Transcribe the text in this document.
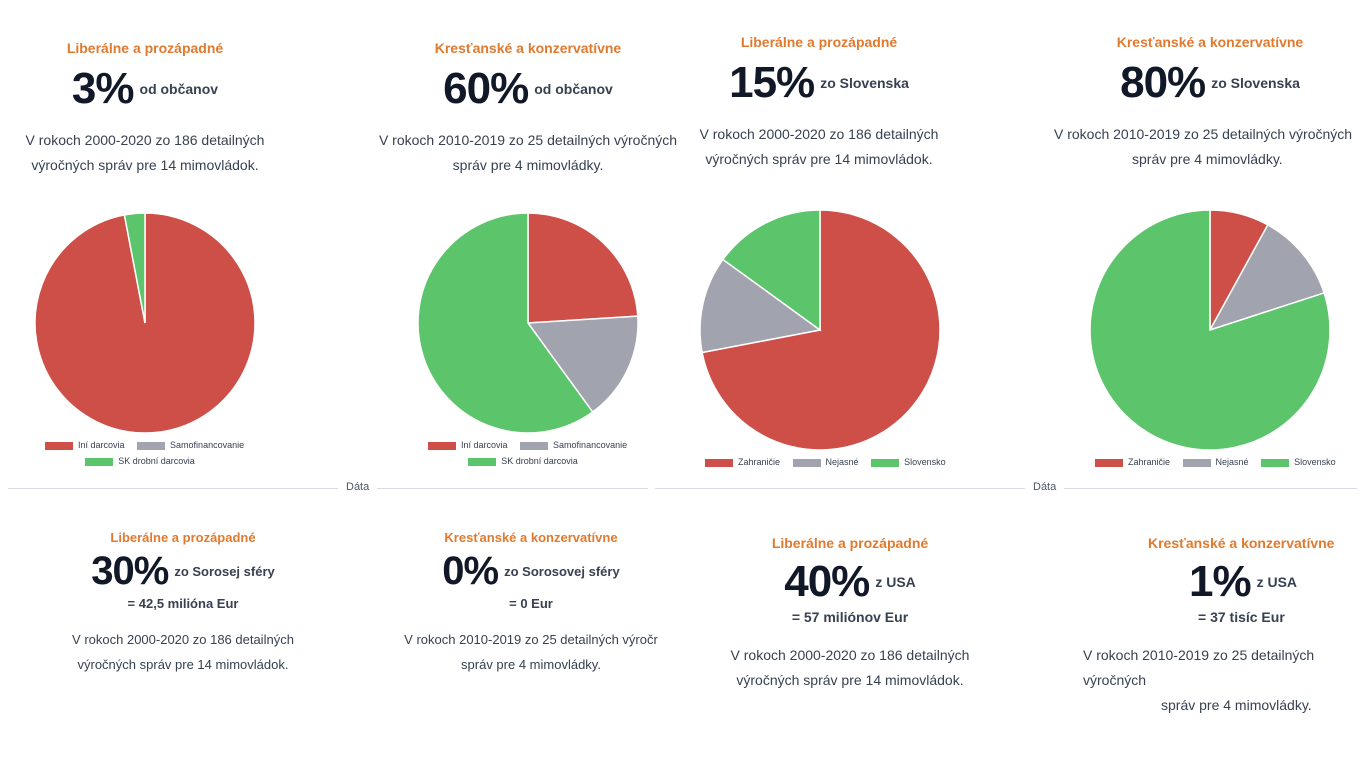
Liberálne a prozápadné
3% od občanov
V rokoch 2000-2020 zo 186 detailných
výročných správ pre 14 mimovládok.
Kresťanské a konzervatívne
60% od občanov
V rokoch 2010-2019 zo 25 detailných výročných
správ pre 4 mimovládky.
Liberálne a prozápadné
15% zo Slovenska
V rokoch 2000-2020 zo 186 detailných
výročných správ pre 14 mimovládok.
Kresťanské a konzervatívne
80% zo Slovenska
V rokoch 2010-2019 zo 25 detailných výročných
správ pre 4 mimovládky.
Iní darcovia	Samofinancovanie
SK drobní darcovia
Iní darcovia	Samofinancovanie
SK drobní darcovia	Zahraničie	Nejasné	Slovensko	Zahraničie	Nejasné	Slovensko
Dáta	Dáta
Liberálne a prozápadné
30% zo Sorosej sféry
= 42,5 milióna Eur
V rokoch 2000-2020 zo 186 detailných
výročných správ pre 14 mimovládok.
Kresťanské a konzervatívne
0% zo Sorosovej sféry
= 0 Eur
V rokoch 2010-2019 zo 25 detailných výročr
správ pre 4 mimovládky.
Liberálne a prozápadné
40% z USA
= 57 miliónov Eur
V rokoch 2000-2020 zo 186 detailných
výročných správ pre 14 mimovládok.
Kresťanské a konzervatívne
1% z USA
= 37 tisíc Eur
V rokoch 2010-2019 zo 25 detailných výročných
správ pre 4 mimovládky.
